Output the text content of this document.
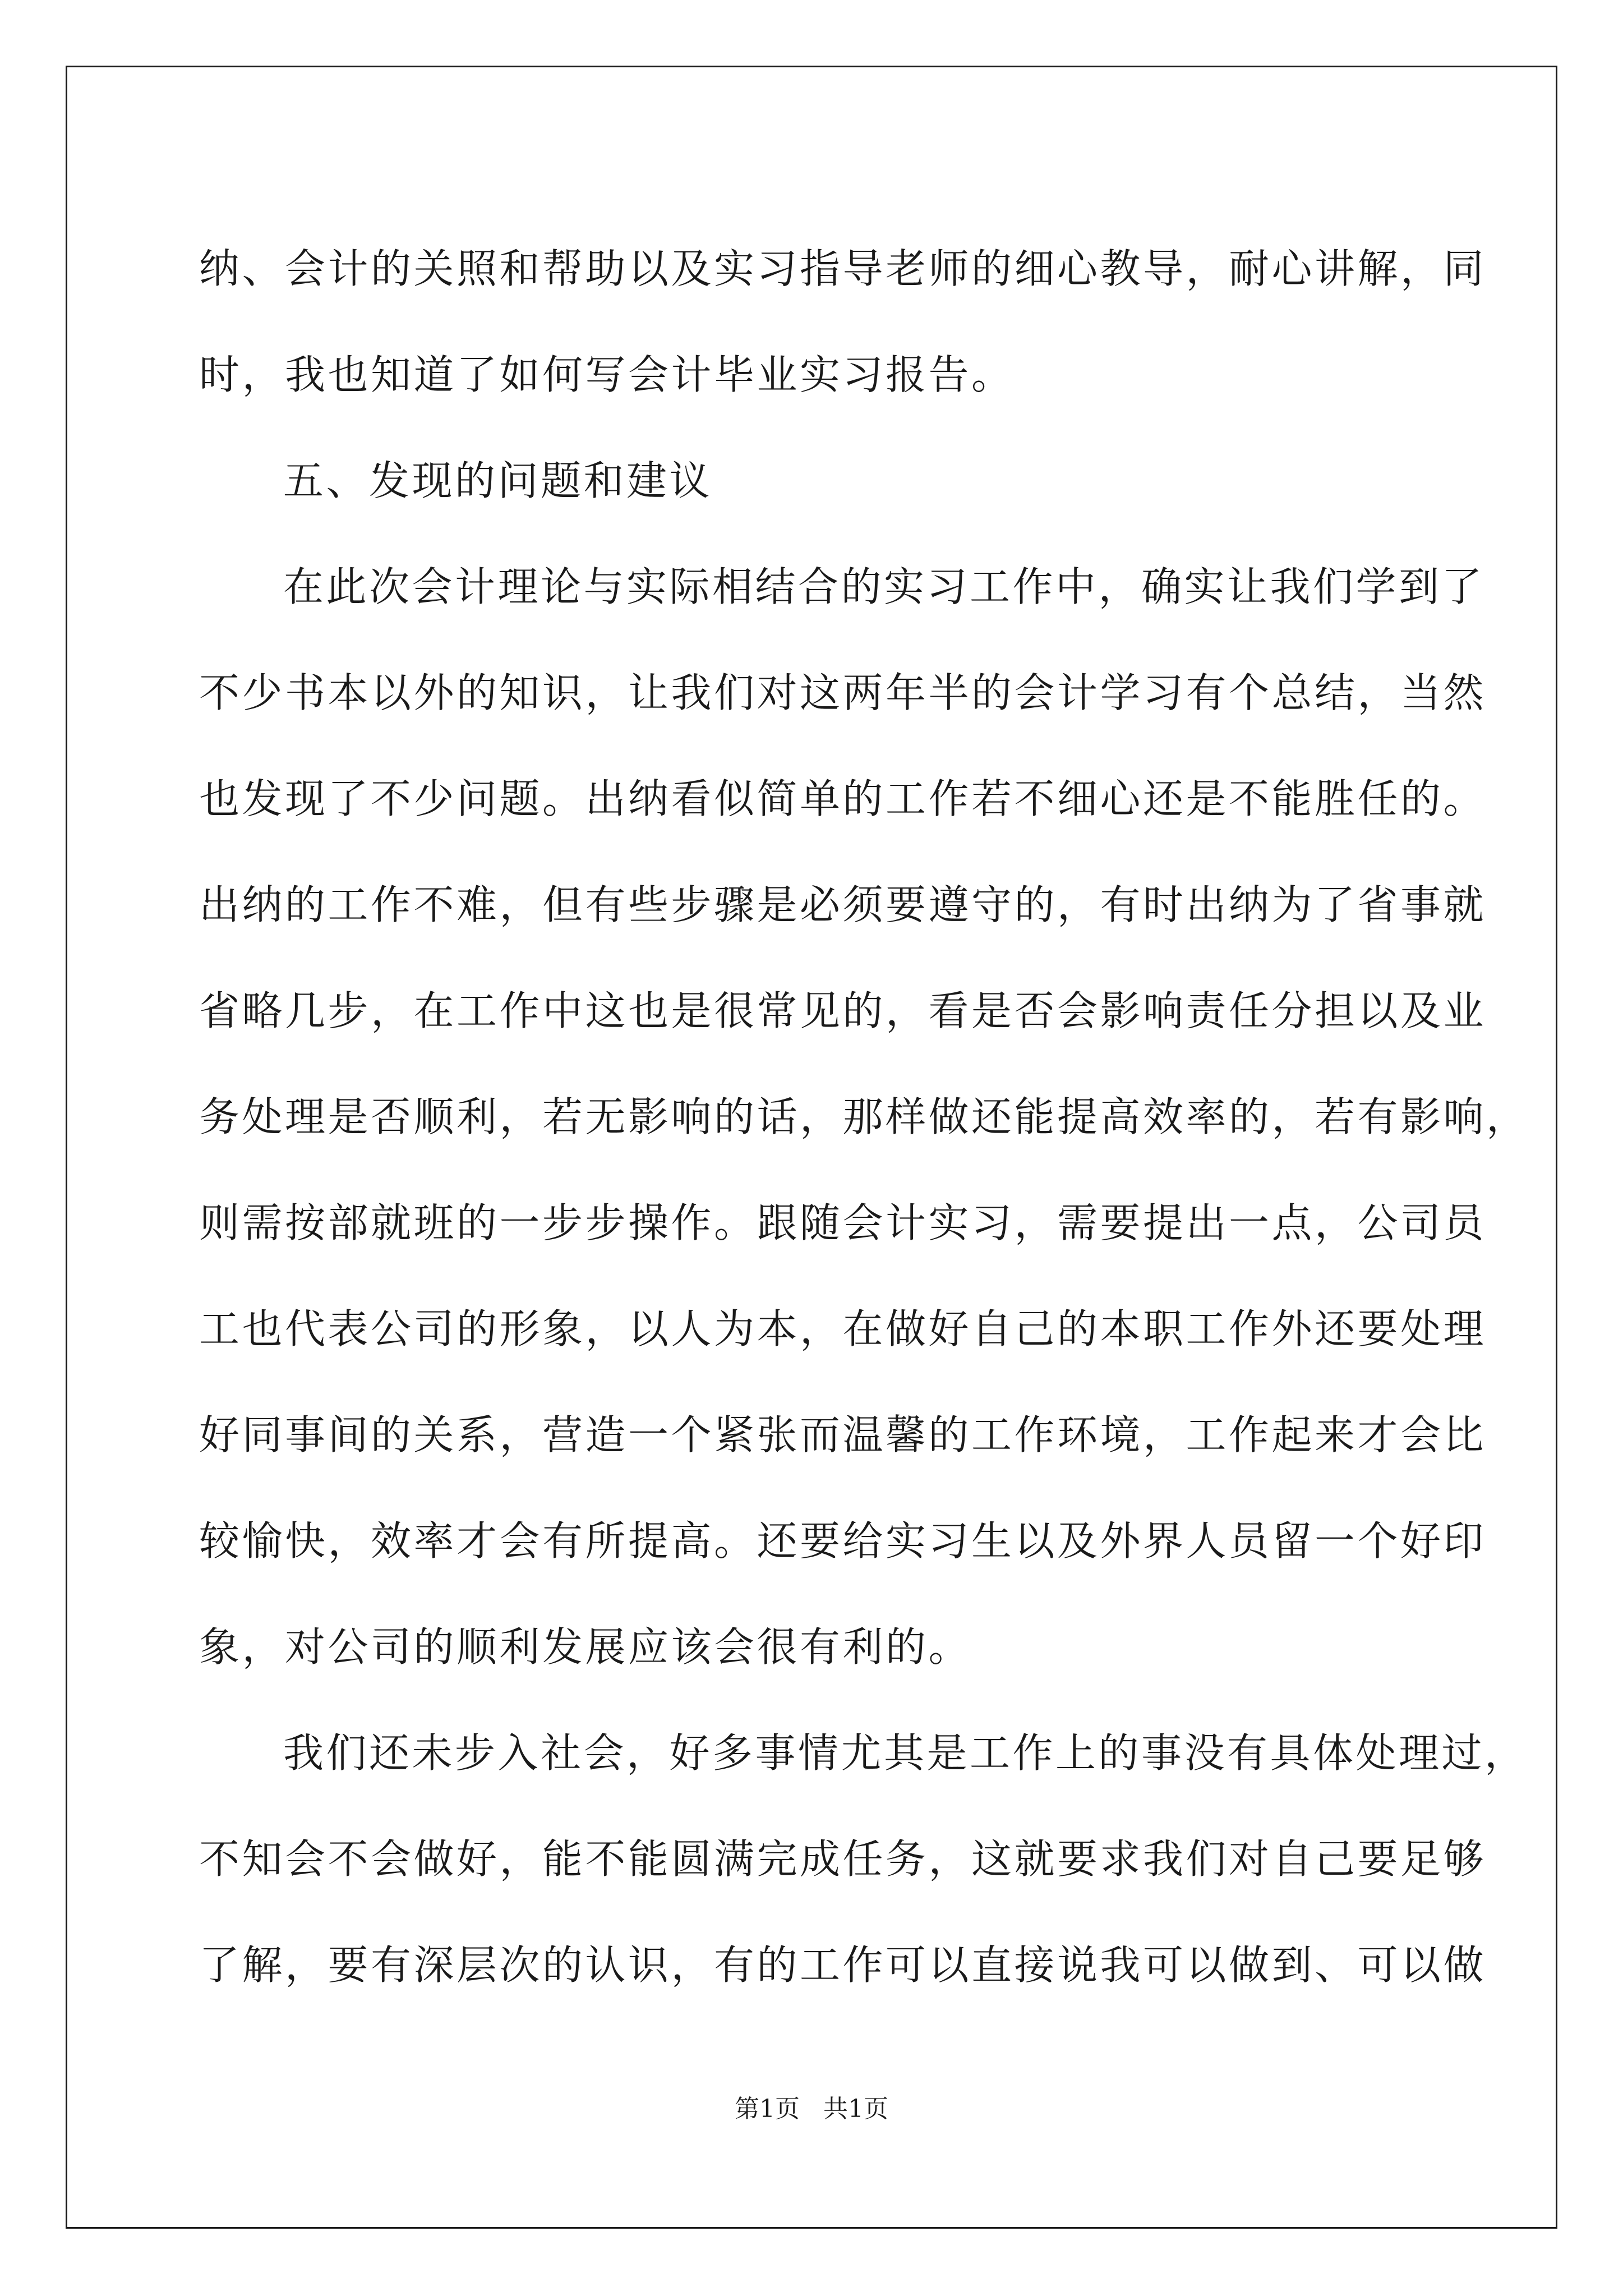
纳、会计的关照和帮助以及实习指导老师的细心教导，耐心讲解，同
时，我也知道了如何写会计毕业实习报告。
五、发现的问题和建议
在此次会计理论与实际相结合的实习工作中，确实让我们学到了
不少书本以外的知识，让我们对这两年半的会计学习有个总结，当然
也发现了不少问题。出纳看似简单的工作若不细心还是不能胜任的。
出纳的工作不难，但有些步骤是必须要遵守的，有时出纳为了省事就
省略几步，在工作中这也是很常见的，看是否会影响责任分担以及业
务处理是否顺利，若无影响的话，那样做还能提高效率的，若有影响，
则需按部就班的一步步操作。跟随会计实习，需要提出一点，公司员
工也代表公司的形象，以人为本，在做好自己的本职工作外还要处理
好同事间的关系，营造一个紧张而温馨的工作环境，工作起来才会比
较愉快，效率才会有所提高。还要给实习生以及外界人员留一个好印
象，对公司的顺利发展应该会很有利的。
我们还未步入社会，好多事情尤其是工作上的事没有具体处理过，
不知会不会做好，能不能圆满完成任务，这就要求我们对自己要足够
了解，要有深层次的认识，有的工作可以直接说我可以做到、可以做
第1页 共1页
